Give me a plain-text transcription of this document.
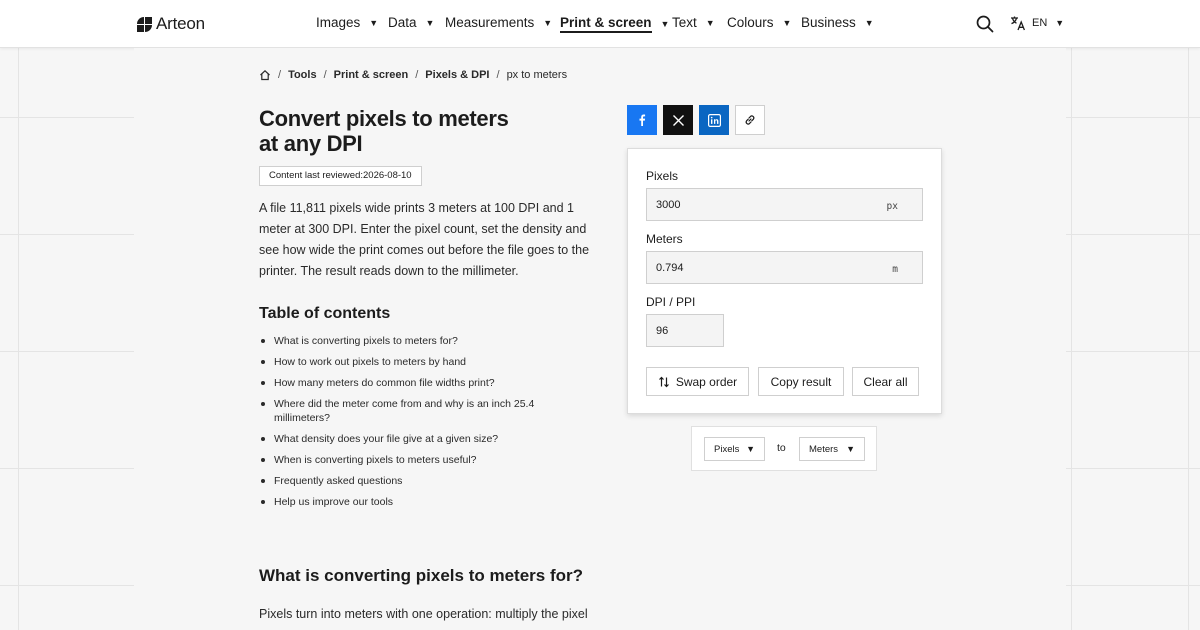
Arteon	Images ▼ Data ▼ Measurements ▼ Print & screen ▼ Text ▼ Colours ▼ Business ▼	EN ▼
/ Tools / Print & screen / Pixels & DPI / px to meters
Convert pixels to meters at any DPI
Content last reviewed:2026-08-10

A file 11,811 pixels wide prints 3 meters at 100 DPI and 1 meter at 300 DPI. Enter the pixel count, set the density and see how wide the print comes out before the file goes to the printer. The result reads down to the millimeter.

Table of contents
What is converting pixels to meters for?
How to work out pixels to meters by hand
How many meters do common file widths print?
Where did the meter come from and why is an inch 25.4 millimeters?
What density does your file give at a given size?
When is converting pixels to meters useful?
Frequently asked questions
Help us improve our tools
What is converting pixels to meters for?

Pixels turn into meters with one operation: multiply the pixel

Pixels
3000	px
Meters
0.794	m
DPI / PPI
96
Swap order	Copy result	Clear all
Pixels ▼ to Meters ▼
